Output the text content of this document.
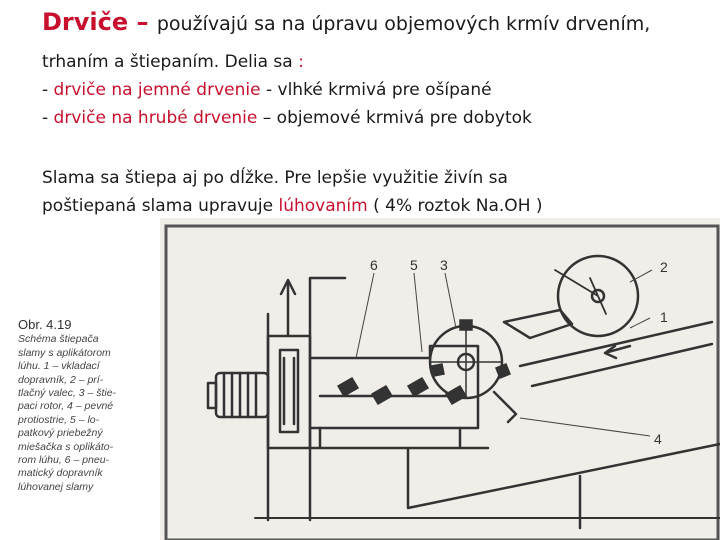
Drviče – používajú sa na úpravu objemových krmív drvením,
trhaním a štiepaním. Delia sa :
- drviče na jemné drvenie - vlhké krmivá pre ošípané
- drviče na hrubé drvenie – objemové krmivá pre dobytok
Slama sa štiepa aj po dĺžke. Pre lepšie využitie živín sa
poštiepaná slama upravuje lúhovaním ( 4% roztok Na.OH )
Obr. 4.19
Schéma štiepača
slamy s aplikátorom
lúhu. 1 – vkladací
dopravník, 2 – prí-
tlačný valec, 3 – štie-
paci rotor, 4 – pevné
protiostrie, 5 – lo-
patkový priebežný
miešačka s oplikáto-
rom lúhu, 6 – pneu-
matický dopravník
lúhovanej slamy
6 5 3	2
1
4
